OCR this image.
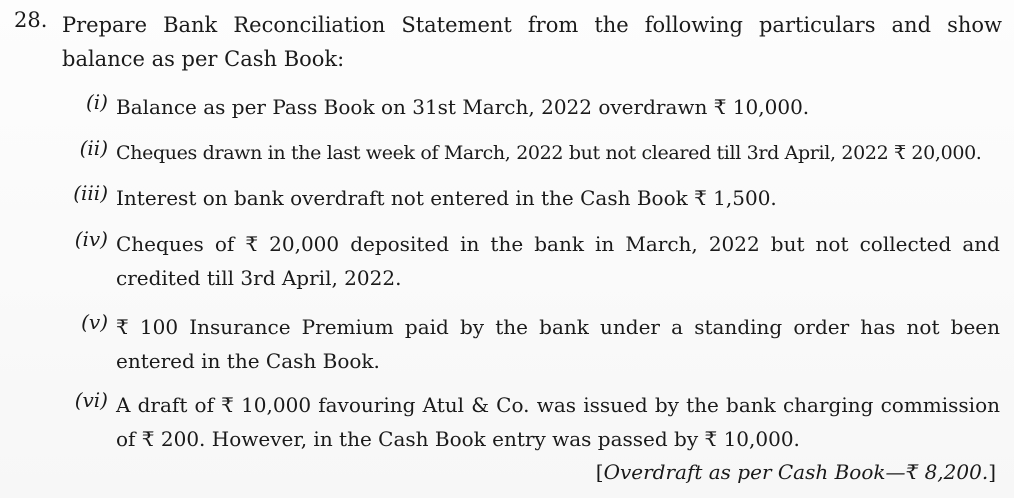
28. Prepare Bank Reconciliation Statement from the following particulars and show balance as per Cash Book:
(i) Balance as per Pass Book on 31st March, 2022 overdrawn ₹ 10,000.
(ii) Cheques drawn in the last week of March, 2022 but not cleared till 3rd April, 2022 ₹ 20,000.
(iii) Interest on bank overdraft not entered in the Cash Book ₹ 1,500.
(iv) Cheques of ₹ 20,000 deposited in the bank in March, 2022 but not collected and credited till 3rd April, 2022.
(v) ₹ 100 Insurance Premium paid by the bank under a standing order has not been entered in the Cash Book.
(vi) A draft of ₹ 10,000 favouring Atul & Co. was issued by the bank charging commission of ₹ 200. However, in the Cash Book entry was passed by ₹ 10,000.
[Overdraft as per Cash Book—₹ 8,200.]
